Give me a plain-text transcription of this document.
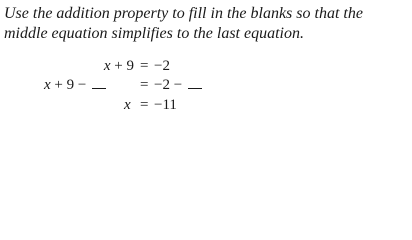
Use the addition property to fill in the blanks so that the middle equation simplifies to the last equation.

x + 9 = −2
x + 9 −	= −2 −
x = −11
